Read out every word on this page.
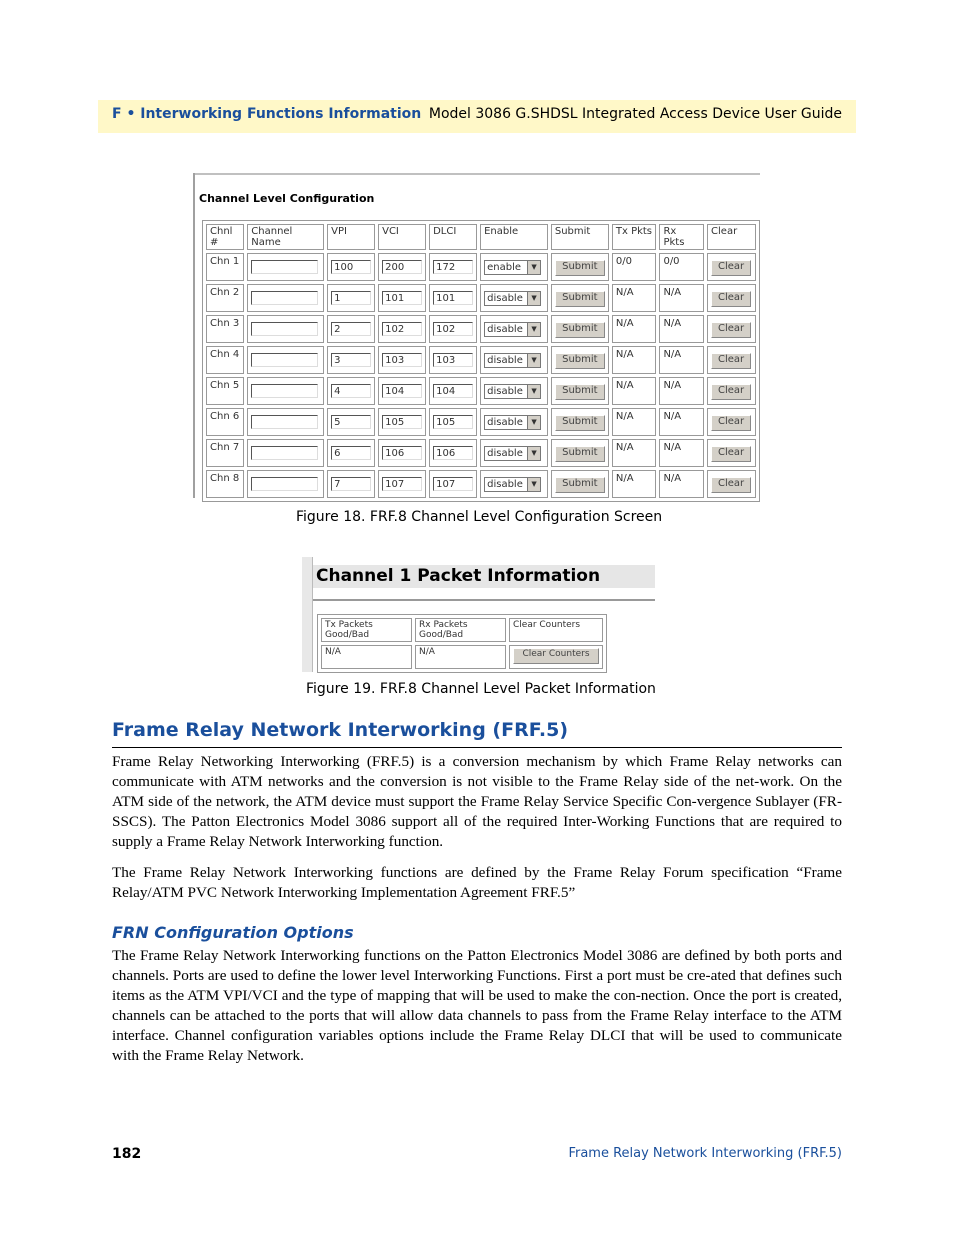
F • Interworking Functions Information Model 3086 G.SHDSL Integrated Access Device User Guide
Channel Level Configuration
Chnl #	Channel Name	VPI	VCI	DLCI	Enable	Submit	Tx Pkts	Rx Pkts	Clear
Chn 1		100	200	172	enable ▼	Submit	0/0	0/0	Clear
Chn 2		1	101	101	disable ▼	Submit	N/A	N/A	Clear
Chn 3		2	102	102	disable ▼	Submit	N/A	N/A	Clear
Chn 4		3	103	103	disable ▼	Submit	N/A	N/A	Clear
Chn 5		4	104	104	disable ▼	Submit	N/A	N/A	Clear
Chn 6		5	105	105	disable ▼	Submit	N/A	N/A	Clear
Chn 7		6	106	106	disable ▼	Submit	N/A	N/A	Clear
Chn 8		7	107	107	disable ▼	Submit	N/A	N/A	Clear
Figure 18. FRF.8 Channel Level Configuration Screen
Channel 1 Packet Information
Tx Packets Good/Bad	Rx Packets Good/Bad	Clear Counters
N/A	N/A	Clear Counters
Figure 19. FRF.8 Channel Level Packet Information
Frame Relay Network Interworking (FRF.5)
Frame Relay Networking Interworking (FRF.5) is a conversion mechanism by which Frame Relay networks can communicate with ATM networks and the conversion is not visible to the Frame Relay side of the net-work. On the ATM side of the network, the ATM device must support the Frame Relay Service Specific Con-vergence Sublayer (FR-SSCS). The Patton Electronics Model 3086 support all of the required Inter-Working Functions that are required to supply a Frame Relay Network Interworking function.
The Frame Relay Network Interworking functions are defined by the Frame Relay Forum specification “Frame Relay/ATM PVC Network Interworking Implementation Agreement FRF.5”
FRN Configuration Options
The Frame Relay Network Interworking functions on the Patton Electronics Model 3086 are defined by both ports and channels. Ports are used to define the lower level Interworking Functions. First a port must be cre-ated that defines such items as the ATM VPI/VCI and the type of mapping that will be used to make the con-nection. Once the port is created, channels can be attached to the ports that will allow data channels to pass from the Frame Relay interface to the ATM interface. Channel configuration variables options include the Frame Relay DLCI that will be used to communicate with the Frame Relay Network.
182	Frame Relay Network Interworking (FRF.5)
